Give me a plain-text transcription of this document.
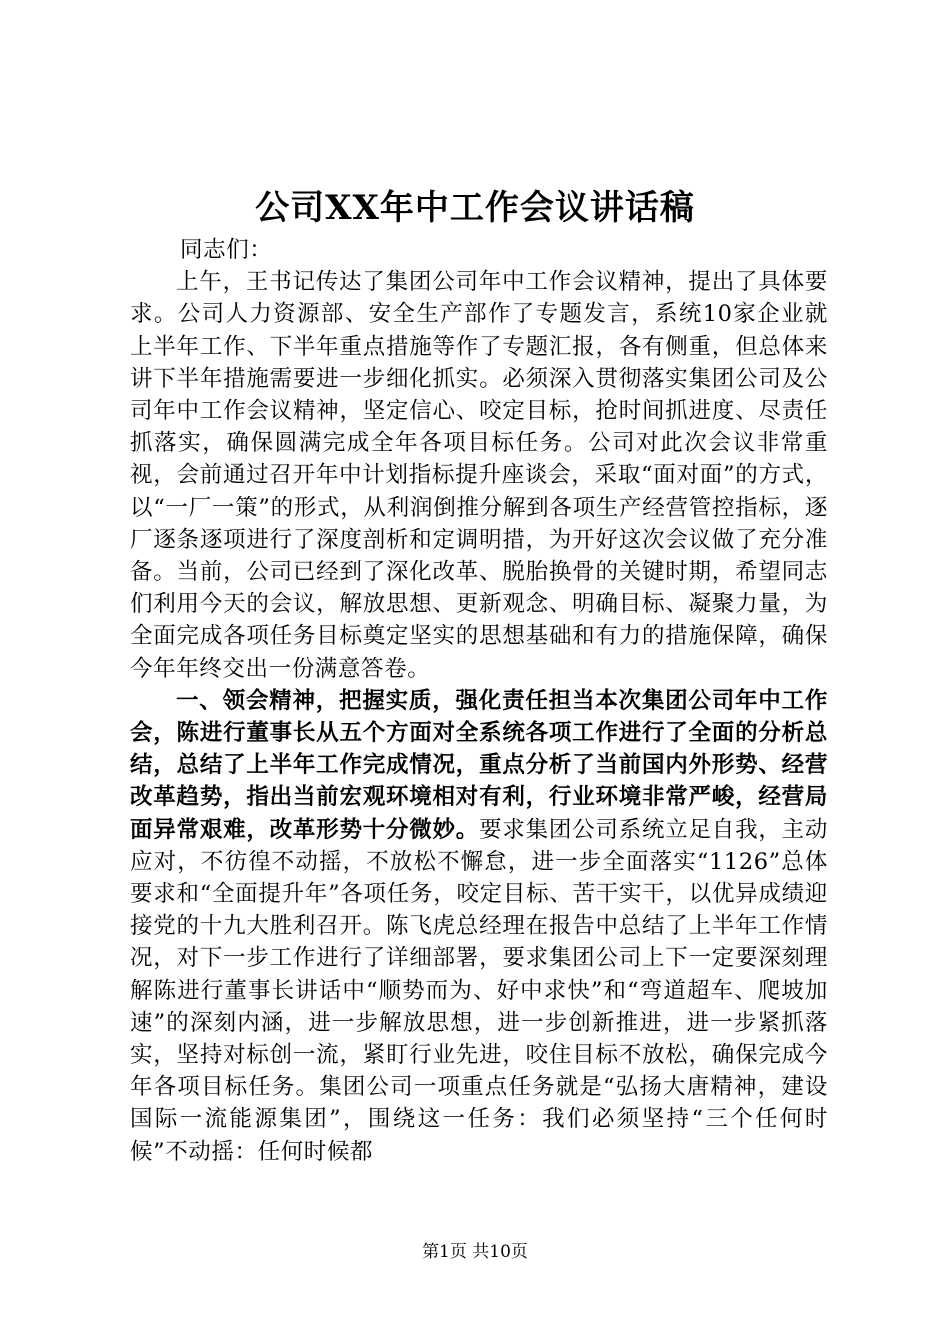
公司XX年中工作会议讲话稿

同志们：

上午，王书记传达了集团公司年中工作会议精神，提出了具体要求。公司人力资源部、安全生产部作了专题发言，系统10家企业就上半年工作、下半年重点措施等作了专题汇报，各有侧重，但总体来讲下半年措施需要进一步细化抓实。必须深入贯彻落实集团公司及公司年中工作会议精神，坚定信心、咬定目标，抢时间抓进度、尽责任抓落实，确保圆满完成全年各项目标任务。公司对此次会议非常重视，会前通过召开年中计划指标提升座谈会，采取“面对面”的方式，以“一厂一策”的形式，从利润倒推分解到各项生产经营管控指标，逐厂逐条逐项进行了深度剖析和定调明措，为开好这次会议做了充分准备。当前，公司已经到了深化改革、脱胎换骨的关键时期，希望同志们利用今天的会议，解放思想、更新观念、明确目标、凝聚力量，为全面完成各项任务目标奠定坚实的思想基础和有力的措施保障，确保今年年终交出一份满意答卷。

一、领会精神，把握实质，强化责任担当本次集团公司年中工作会，陈进行董事长从五个方面对全系统各项工作进行了全面的分析总结，总结了上半年工作完成情况，重点分析了当前国内外形势、经营改革趋势，指出当前宏观环境相对有利，行业环境非常严峻，经营局面异常艰难，改革形势十分微妙。要求集团公司系统立足自我，主动应对，不彷徨不动摇，不放松不懈怠，进一步全面落实“1126”总体要求和“全面提升年”各项任务，咬定目标、苦干实干，以优异成绩迎接党的十九大胜利召开。陈飞虎总经理在报告中总结了上半年工作情况，对下一步工作进行了详细部署，要求集团公司上下一定要深刻理解陈进行董事长讲话中“顺势而为、好中求快”和“弯道超车、爬坡加速”的深刻内涵，进一步解放思想，进一步创新推进，进一步紧抓落实，坚持对标创一流，紧盯行业先进，咬住目标不放松，确保完成今年各项目标任务。集团公司一项重点任务就是“弘扬大唐精神，建设国际一流能源集团”，围绕这一任务：我们必须坚持“三个任何时候”不动摇：任何时候都

第1页 共10页
